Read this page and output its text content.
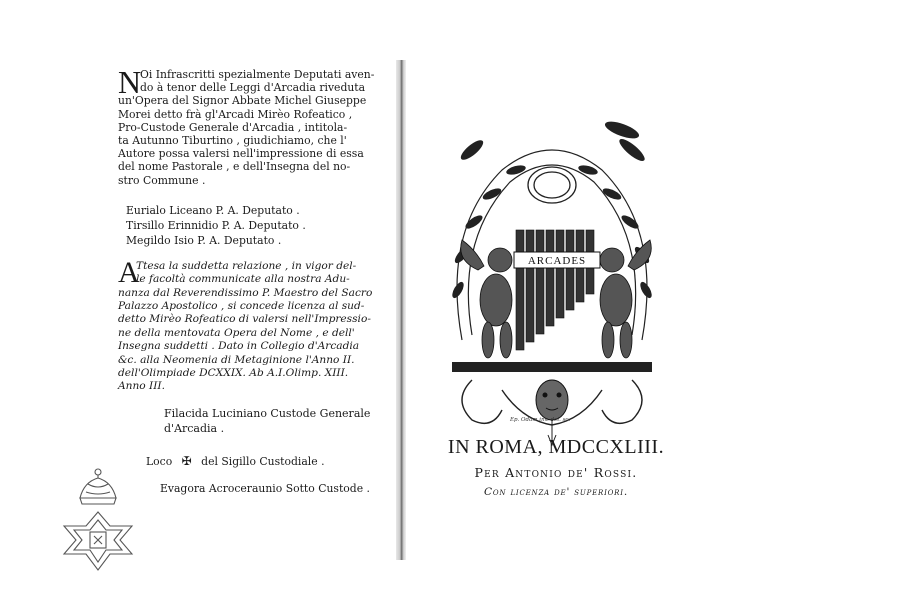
N
Oi Infrascritti spezialmente Deputati aven-
do à tenor delle Leggi d'Arcadia riveduta
un'Opera del Signor Abbate Michel Giuseppe
Morei detto frà gl'Arcadi Mirèo Rofeatico ,
Pro-Custode Generale d'Arcadia , intitola-
ta Autunno Tiburtino , giudichiamo, che l'
Autore possa valersi nell'impressione di essa
del nome Pastorale , e dell'Insegna del no-
stro Commune .
Eurialo Liceano P. A. Deputato .
Tirsillo Erinnidio P. A. Deputato .
Megildo Isio P. A. Deputato .
A
Ttesa la suddetta relazione , in vigor del-
le facoltà communicate alla nostra Adu-
nanza dal Reverendissimo P. Maestro del Sacro
Palazzo Apostolico , si concede licenza al sud-
detto Mirèo Rofeatico di valersi nell'Impressio-
ne della mentovata Opera del Nome , e dell'
Insegna suddetti . Dato in Collegio d'Arcadia
&c. alla Neomenia di Metaginione l'Anno II.
dell'Olimpiade DCXXIX. Ab A.I.Olimp. XIII.
Anno III.
Filacida Luciniano Custode Generale
d'Arcadia .
Loco ✠ del Sigillo Custodiale .
Evagora Acroceraunio Sotto Custode .
ARCADES
Ep. Odam inv. del. sc.
IN ROMA, MDCCXLIII.
Per Antonio de' Rossi.
Con licenza de' superiori.
